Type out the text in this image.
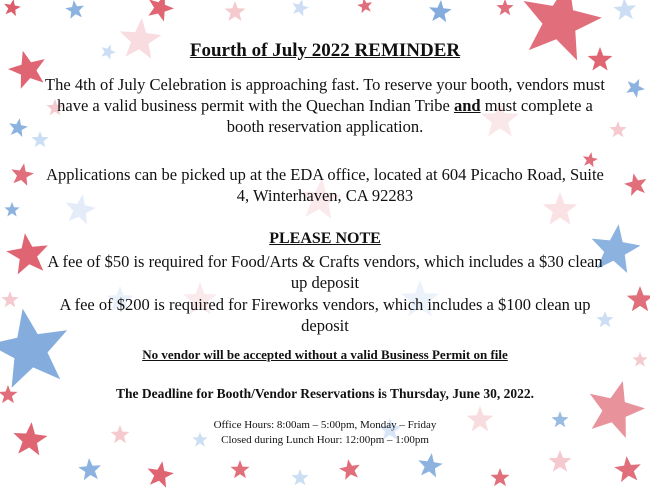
Fourth of July 2022 REMINDER
The 4th of July Celebration is approaching fast. To reserve your booth, vendors must have a valid business permit with the Quechan Indian Tribe and must complete a booth reservation application.
Applications can be picked up at the EDA office, located at 604 Picacho Road, Suite 4, Winterhaven, CA 92283
PLEASE NOTE
A fee of $50 is required for Food/Arts & Crafts vendors, which includes a $30 clean up deposit
A fee of $200 is required for Fireworks vendors, which includes a $100 clean up deposit
No vendor will be accepted without a valid Business Permit on file
The Deadline for Booth/Vendor Reservations is Thursday, June 30, 2022.
Office Hours: 8:00am – 5:00pm, Monday – Friday
Closed during Lunch Hour: 12:00pm – 1:00pm
